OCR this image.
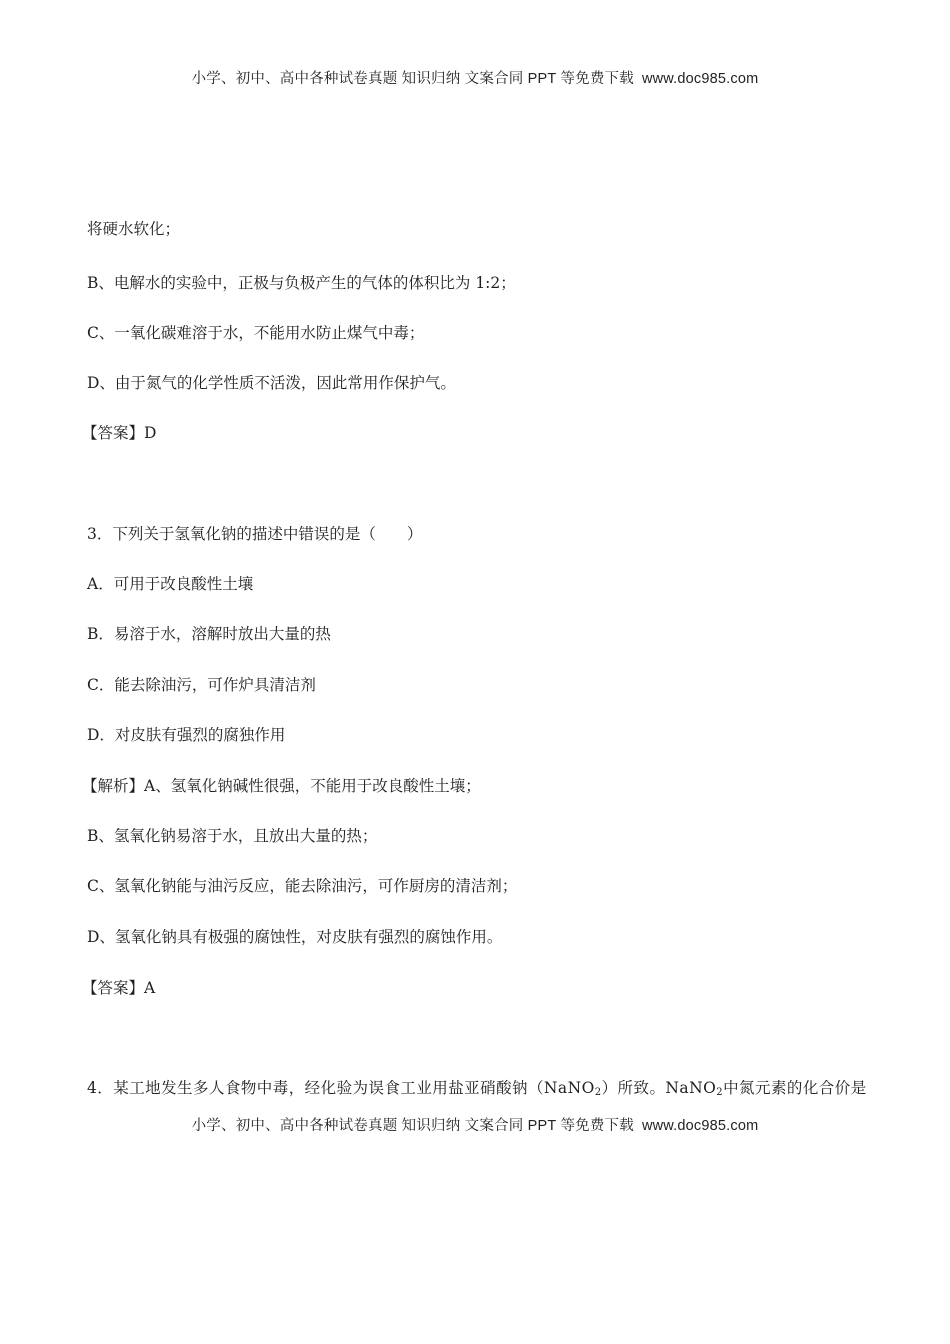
小学、初中、高中各种试卷真题 知识归纳 文案合同 PPT 等免费下载 www.doc985.com
将硬水软化；
B、电解水的实验中，正极与负极产生的气体的体积比为 1:2；
C、一氧化碳难溶于水，不能用水防止煤气中毒；
D、由于氮气的化学性质不活泼，因此常用作保护气。
【答案】D
3．下列关于氢氧化钠的描述中错误的是（　　）
A．可用于改良酸性土壤
B．易溶于水，溶解时放出大量的热
C．能去除油污，可作炉具清洁剂
D．对皮肤有强烈的腐独作用
【解析】A、氢氧化钠碱性很强，不能用于改良酸性土壤；
B、氢氧化钠易溶于水，且放出大量的热；
C、氢氧化钠能与油污反应，能去除油污，可作厨房的清洁剂；
D、氢氧化钠具有极强的腐蚀性，对皮肤有强烈的腐蚀作用。
【答案】A
4．某工地发生多人食物中毒，经化验为误食工业用盐亚硝酸钠（NaNO$_2$）所致。NaNO$_2$中氮元素的化合价是
小学、初中、高中各种试卷真题 知识归纳 文案合同 PPT 等免费下载 www.doc985.com
